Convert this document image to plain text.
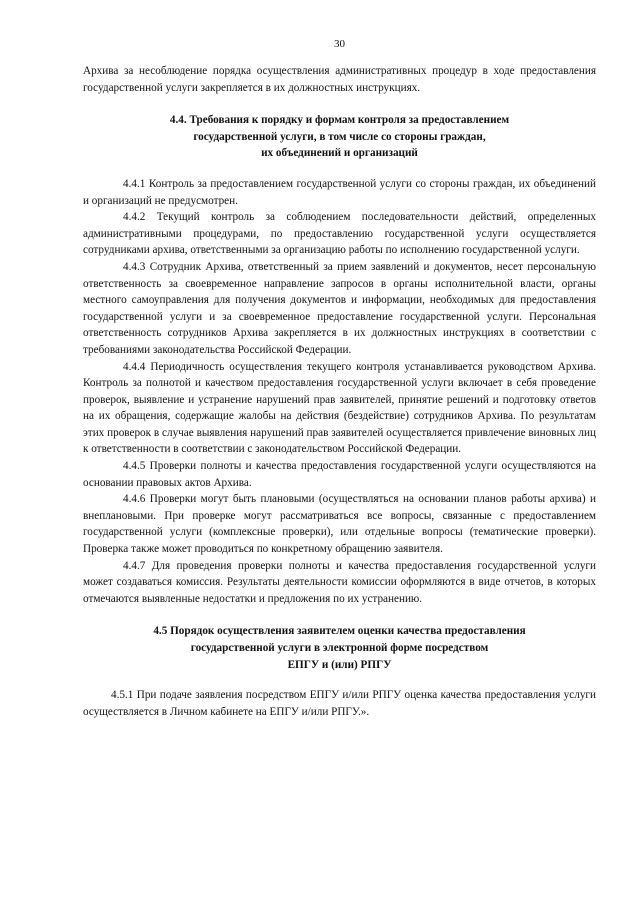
30

Архива за несоблюдение порядка осуществления административных процедур в ходе предоставления государственной услуги закрепляется в их должностных инструкциях.

4.4. Требования к порядку и формам контроля за предоставлением
государственной услуги, в том числе со стороны граждан,
их объединений и организаций

4.4.1 Контроль за предоставлением государственной услуги со стороны граждан, их объединений и организаций не предусмотрен.

4.4.2 Текущий контроль за соблюдением последовательности действий, определенных административными процедурами, по предоставлению государственной услуги осуществляется сотрудниками архива, ответственными за организацию работы по исполнению государственной услуги.

4.4.3 Сотрудник Архива, ответственный за прием заявлений и документов, несет персональную ответственность за своевременное направление запросов в органы исполнительной власти, органы местного самоуправления для получения документов и информации, необходимых для предоставления государственной услуги и за своевременное предоставление государственной услуги. Персональная ответственность сотрудников Архива закрепляется в их должностных инструкциях в соответствии с требованиями законодательства Российской Федерации.

4.4.4 Периодичность осуществления текущего контроля устанавливается руководством Архива. Контроль за полнотой и качеством предоставления государственной услуги включает в себя проведение проверок, выявление и устранение нарушений прав заявителей, принятие решений и подготовку ответов на их обращения, содержащие жалобы на действия (бездействие) сотрудников Архива. По результатам этих проверок в случае выявления нарушений прав заявителей осуществляется привлечение виновных лиц к ответственности в соответствии с законодательством Российской Федерации.

4.4.5 Проверки полноты и качества предоставления государственной услуги осуществляются на основании правовых актов Архива.

4.4.6 Проверки могут быть плановыми (осуществляться на основании планов работы архива) и внеплановыми. При проверке могут рассматриваться все вопросы, связанные с предоставлением государственной услуги (комплексные проверки), или отдельные вопросы (тематические проверки). Проверка также может проводиться по конкретному обращению заявителя.

4.4.7 Для проведения проверки полноты и качества предоставления государственной услуги может создаваться комиссия. Результаты деятельности комиссии оформляются в виде отчетов, в которых отмечаются выявленные недостатки и предложения по их устранению.

4.5 Порядок осуществления заявителем оценки качества предоставления
государственной услуги в электронной форме посредством
ЕПГУ и (или) РПГУ

4.5.1 При подаче заявления посредством ЕПГУ и/или РПГУ оценка качества предоставления услуги осуществляется в Личном кабинете на ЕПГУ и/или РПГУ.».
